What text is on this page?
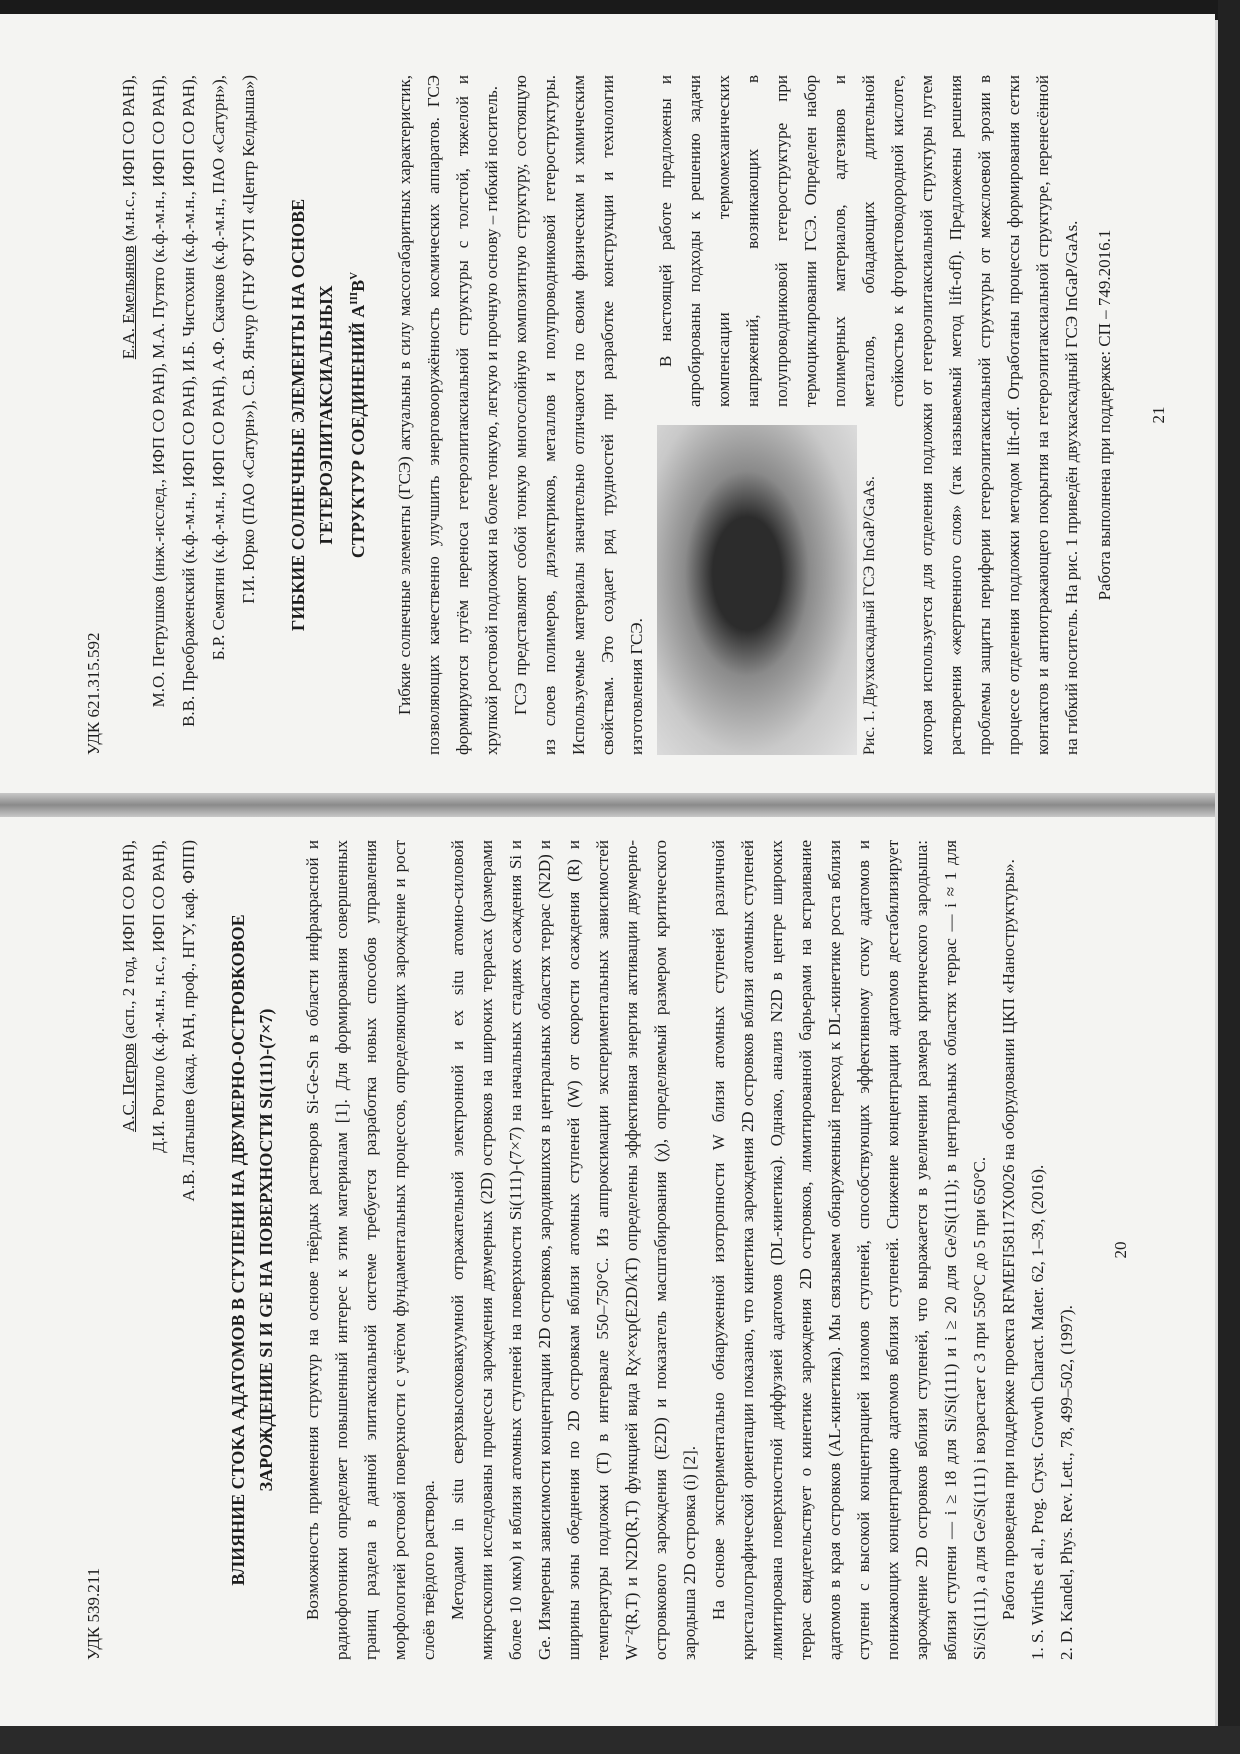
УДК 621.315.592

Е.А. Емельянов (м.н.с., ИФП СО РАН), М.О. Петрушков (инж.-исслед., ИФП СО РАН), М.А. Путято (к.ф.-м.н., ИФП СО РАН), В.В. Преображенский (к.ф.-м.н., ИФП СО РАН), И.Б. Чистохин (к.ф.-м.н., ИФП СО РАН), Б.Р. Семягин (к.ф.-м.н., ИФП СО РАН), А.Ф. Скачков (к.ф.-м.н., ПАО «Сатурн»), Г.И. Юрко (ПАО «Сатурн»), С.В. Янчур (ГНУ ФГУП «Центр Келдыша»)	ГИБКИЕ СОЛНЕЧНЫЕ ЭЛЕМЕНТЫ НА ОСНОВЕ ГЕТЕРОЭПИТАКСИАЛЬНЫХ СТРУКТУР СОЕДИНЕНИЙ $А^{III}В^V$	Гибкие солнечные элементы (ГСЭ) актуальны в силу массогабаритных характеристик, позволяющих качественно улучшить энерговооружённость космических аппаратов. ГСЭ формируются путём переноса гетероэпитаксиальной структуры с толстой, тяжелой и хрупкой ростовой подложки на более тонкую, легкую и прочную основу – гибкий носитель. ГСЭ представляют собой тонкую многослойную композитную структуру, состоящую из слоев полимеров, диэлектриков, металлов и полупроводниковой гетероструктуры. Используемые материалы значительно отличаются по своим физическим и химическим свойствам. Это создает ряд трудностей при разработке конструкции и технологии изготовления ГСЭ.	Рис. 1. Двухкаскадный ГСЭ InGaP/GaAs.

В настоящей работе предложены и апробированы подходы к решению задачи компенсации термомеханических напряжений, возникающих в полупроводниковой гетероструктуре при термоциклировании ГСЭ. Определен набор полимерных материалов, адгезивов и металлов, обладающих длительной стойкостью к фтористоводородной кислоте, которая используется для отделения подложки от гетероэпитаксиальной структуры путем растворения «жертвенного слоя» (так называемый метод lift-off). Предложены решения проблемы защиты периферии гетероэпитаксиальной структуры от межслоевой эрозии в процессе отделения подложки методом lift-off. Отработаны процессы формирования сетки контактов и антиотражающего покрытия на гетероэпитаксиальной структуре, перенесённой на гибкий носитель. На рис. 1 приведён двухкаскадный ГСЭ InGaP/GaAs. Работа выполнена при поддержке: СП – 749.2016.1 21
УДК 539.211

А.С. Петров (асп., 2 год, ИФП СО РАН), Д.И. Рогило (к.ф.-м.н., н.с., ИФП СО РАН), А.В. Латышев (акад. РАН, проф., НГУ, каф. ФПП)	ВЛИЯНИЕ СТОКА АДАТОМОВ В СТУПЕНИ НА ДВУМЕРНО-ОСТРОВКОВОЕ ЗАРОЖДЕНИЕ SI И GE НА ПОВЕРХНОСТИ SI(111)-(7×7) Возможность применения структур на основе твёрдых растворов Si-Ge-Sn в области инфракрасной и радиофотоники определяет повышенный интерес к этим материалам [1]. Для формирования совершенных границ раздела в данной эпитаксиальной системе требуется разработка новых способов управления морфологией ростовой поверхности с учётом фундаментальных процессов, определяющих зарождение и рост слоёв твёрдого раствора. Методами in situ сверхвысоковакуумной отражательной электронной и ex situ атомно-силовой микроскопии исследованы процессы зарождения двумерных (2D) островков на широких террасах (размерами более 10 мкм) и вблизи атомных ступеней на поверхности Si(111)-(7×7) на начальных стадиях осаждения Si и Ge. Измерены зависимости концентрации 2D островков, зародившихся в центральных областях террас (N2D) и ширины зоны обеднения по 2D островкам вблизи атомных ступеней (W) от скорости осаждения (R) и температуры подложки (T) в интервале 550–750°C. Из аппроксимации экспериментальных зависимостей W⁻²(R,T) и N2D(R,T) функцией вида Rχ×exp(E2D/kT) определены эффективная энергия активации двумерно-островкового зарождения (E2D) и показатель масштабирования (χ), определяемый размером критического зародыша 2D островка (i) [2]. На основе экспериментально обнаруженной изотропности W близи атомных ступеней различной кристаллографической ориентации показано, что кинетика зарождения 2D островков вблизи атомных ступеней лимитирована поверхностной диффузией адатомов (DL-кинетика). Однако, анализ N2D в центре широких террас свидетельствует о кинетике зарождения 2D островков, лимитированной барьерами на встраивание адатомов в края островков (AL-кинетика). Мы связываем обнаруженный переход к DL-кинетике роста вблизи ступени с высокой концентрацией изломов ступеней, способствующих эффективному стоку адатомов и понижающих концентрацию адатомов вблизи ступеней. Снижение концентрации адатомов дестабилизирует зарождение 2D островков вблизи ступеней, что выражается в увеличении размера критического зародыша: вблизи ступени — i ≥ 18 для Si/Si(111) и i ≥ 20 для Ge/Si(111); в центральных областях террас — i ≈ 1 для Si/Si(111), а для Ge/Si(111) i возрастает с 3 при 550°C до 5 при 650°C. Работа проведена при поддержке проекта RFMEFI58117X0026 на оборудовании ЦКП «Наноструктуры». 1. S. Wirths et al., Prog. Cryst. Growth Charact. Mater. 62, 1–39, (2016). 2. D. Kandel, Phys. Rev. Lett., 78, 499–502, (1997).

20
